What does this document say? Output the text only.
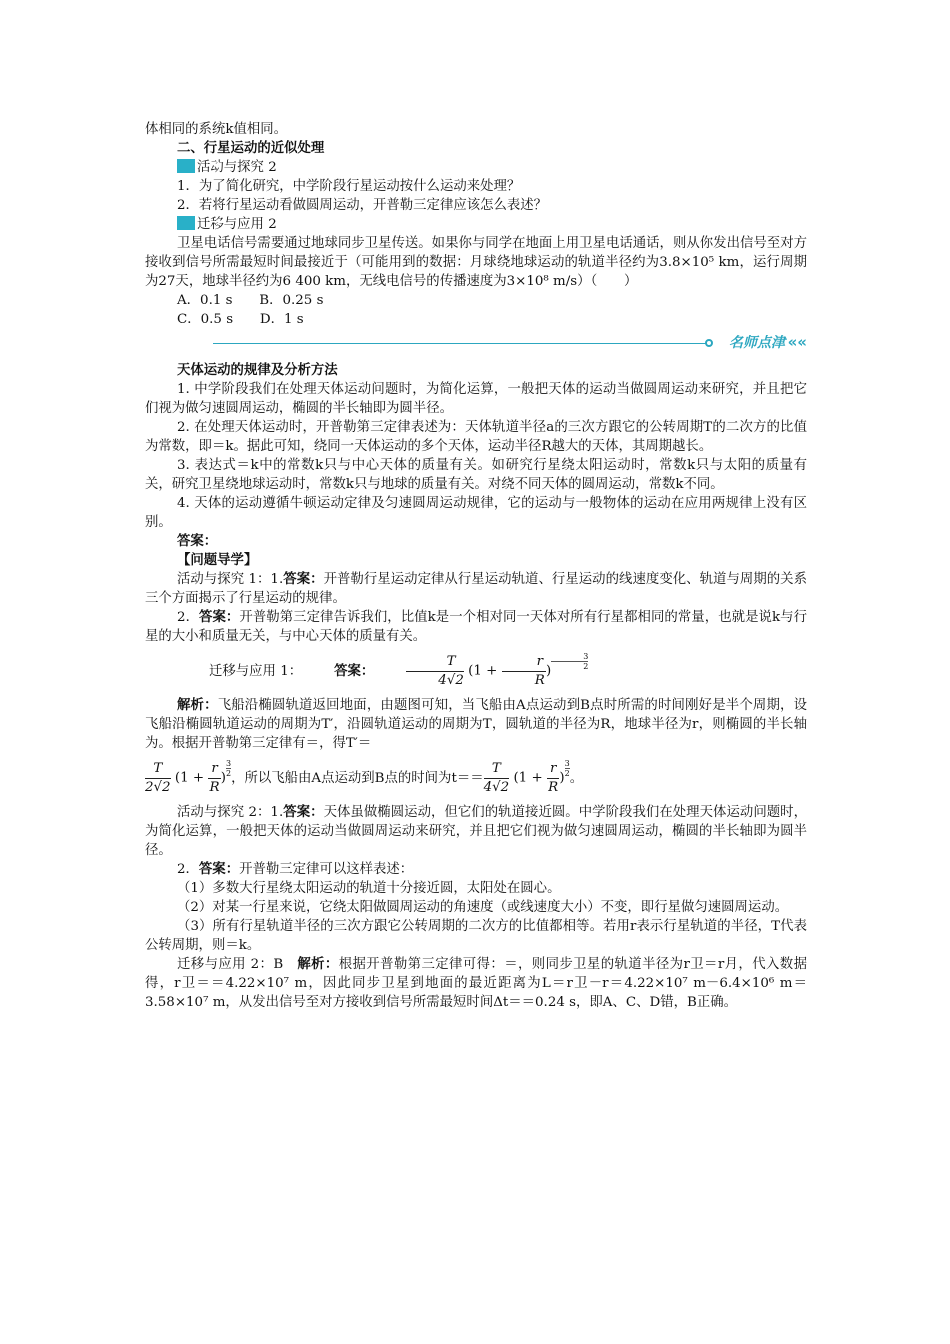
体相同的系统k值相同。

二、行星运动的近似处理

→活动与探究 2

1．为了简化研究，中学阶段行星运动按什么运动来处理？

2．若将行星运动看做圆周运动，开普勒三定律应该怎么表述？

→迁移与应用 2

卫星电话信号需要通过地球同步卫星传送。如果你与同学在地面上用卫星电话通话，则从你发出信号至对方接收到信号所需最短时间最接近于（可能用到的数据：月球绕地球运动的轨道半径约为3.8×10⁵ km，运行周期为27天，地球半径约为6 400 km，无线电信号的传播速度为3×10⁸ m/s）（　　）

A．0.1 s　　B．0.25 s

C．0.5 s　　D．1 s

名师点津 ««

天体运动的规律及分析方法

1. 中学阶段我们在处理天体运动问题时，为简化运算，一般把天体的运动当做圆周运动来研究，并且把它们视为做匀速圆周运动，椭圆的半长轴即为圆半径。

2. 在处理天体运动时，开普勒第三定律表述为：天体轨道半径a的三次方跟它的公转周期T的二次方的比值为常数，即＝k。据此可知，绕同一天体运动的多个天体，运动半径R越大的天体，其周期越长。

3. 表达式＝k中的常数k只与中心天体的质量有关。如研究行星绕太阳运动时，常数k只与太阳的质量有关，研究卫星绕地球运动时，常数k只与地球的质量有关。对绕不同天体的圆周运动，常数k不同。

4. 天体的运动遵循牛顿运动定律及匀速圆周运动规律，它的运动与一般物体的运动在应用两规律上没有区别。

答案：

【问题导学】

活动与探究 1：1.答案：开普勒行星运动定律从行星运动轨道、行星运动的线速度变化、轨道与周期的关系三个方面揭示了行星运动的规律。

2．答案：开普勒第三定律告诉我们，比值k是一个相对同一天体对所有行星都相同的常量，也就是说k与行星的大小和质量无关，与中心天体的质量有关。

迁移与应用 1：	答案： $\frac{T}{4√2} (1 + \frac{r}{R}$ ) $\frac{3}{2}$

解析：飞船沿椭圆轨道返回地面，由题图可知，当飞船由A点运动到B点时所需的时间刚好是半个周期，设飞船沿椭圆轨道运动的周期为T′，沿圆轨道运动的周期为T，圆轨道的半径为R，地球半径为r，则椭圆的半长轴为。根据开普勒第三定律有＝，得T′＝

$\frac{T}{2√2} (1 + \frac{r}{R}$ ) $\frac{3}{2}$ ，所以飞船由A点运动到B点的时间为$t== \frac{T}{4√2} (1 + \frac{r}{R}$ ) $\frac{3}{2}$ 。

活动与探究 2：1.答案：天体虽做椭圆运动，但它们的轨道接近圆。中学阶段我们在处理天体运动问题时，为简化运算，一般把天体的运动当做圆周运动来研究，并且把它们视为做匀速圆周运动，椭圆的半长轴即为圆半径。

2．答案：开普勒三定律可以这样表述：

（1）多数大行星绕太阳运动的轨道十分接近圆，太阳处在圆心。

（2）对某一行星来说，它绕太阳做圆周运动的角速度（或线速度大小）不变，即行星做匀速圆周运动。

（3）所有行星轨道半径的三次方跟它公转周期的二次方的比值都相等。若用r表示行星轨道的半径，T代表公转周期，则＝k。

迁移与应用 2：B　解析：根据开普勒第三定律可得：＝，则同步卫星的轨道半径为r卫＝r月，代入数据得，r卫＝＝4.22×10⁷ m，因此同步卫星到地面的最近距离为L＝r卫－r＝4.22×10⁷ m－6.4×10⁶ m＝3.58×10⁷ m，从发出信号至对方接收到信号所需最短时间Δt＝＝0.24 s，即A、C、D错，B正确。
